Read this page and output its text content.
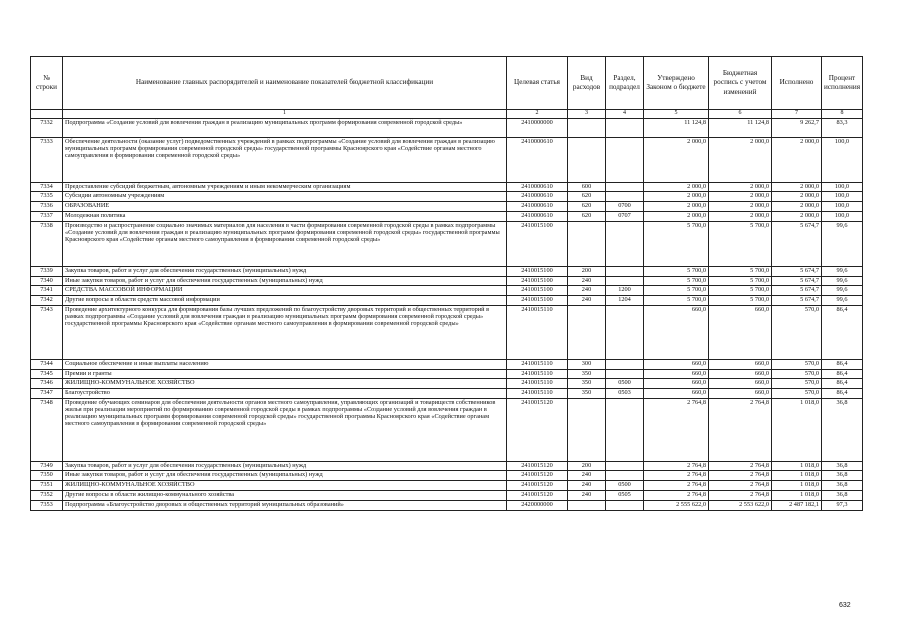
№ строки	Наименование главных распорядителей и наименование показателей бюджетной классификации	Целевая статья	Вид расходов	Раздел, подраздел	Утверждено Законом о бюджете	Бюджетная роспись с учетом изменений	Исполнено	Процент исполнения
	1	2	3	4	5	6	7	8
7332	Подпрограмма «Создание условий для вовлечения граждан в реализацию муниципальных программ формирования современной городской среды»	2410000000			11 124,8	11 124,8	9 262,7	83,3
7333	Обеспечение деятельности (оказание услуг) подведомственных учреждений в рамках подпрограммы «Создание условий для вовлечения граждан в реализацию муниципальных программ формирования современной городской среды» государственной программы Красноярского края «Содействие органам местного самоуправления в формировании современной городской среды»	2410000610			2 000,0	2 000,0	2 000,0	100,0
7334	Предоставление субсидий бюджетным, автономным учреждениям и иным некоммерческим организациям	2410000610	600		2 000,0	2 000,0	2 000,0	100,0
7335	Субсидии автономным учреждениям	2410000610	620		2 000,0	2 000,0	2 000,0	100,0
7336	ОБРАЗОВАНИЕ	2410000610	620	0700	2 000,0	2 000,0	2 000,0	100,0
7337	Молодежная политика	2410000610	620	0707	2 000,0	2 000,0	2 000,0	100,0
7338	Производство и распространение социально значимых материалов для населения в части формирования современной городской среды в рамках подпрограммы «Создание условий для вовлечения граждан в реализацию муниципальных программ формирования современной городской среды» государственной программы Красноярского края «Содействие органам местного самоуправления в формировании современной городской среды»	2410015100			5 700,0	5 700,0	5 674,7	99,6
7339	Закупка товаров, работ и услуг для обеспечения государственных (муниципальных) нужд	2410015100	200		5 700,0	5 700,0	5 674,7	99,6
7340	Иные закупки товаров, работ и услуг для обеспечения государственных (муниципальных) нужд	2410015100	240		5 700,0	5 700,0	5 674,7	99,6
7341	СРЕДСТВА МАССОВОЙ ИНФОРМАЦИИ	2410015100	240	1200	5 700,0	5 700,0	5 674,7	99,6
7342	Другие вопросы в области средств массовой информации	2410015100	240	1204	5 700,0	5 700,0	5 674,7	99,6
7343	Проведение архитектурного конкурса для формирования базы лучших предложений по благоустройству дворовых территорий и общественных территорий в рамках подпрограммы «Создание условий для вовлечения граждан в реализацию муниципальных программ формирования современной городской среды» государственной программы Красноярского края «Содействие органам местного самоуправления в формировании современной городской среды»	2410015110			660,0	660,0	570,0	86,4
7344	Социальное обеспечение и иные выплаты населению	2410015110	300		660,0	660,0	570,0	86,4
7345	Премии и гранты	2410015110	350		660,0	660,0	570,0	86,4
7346	ЖИЛИЩНО-КОММУНАЛЬНОЕ ХОЗЯЙСТВО	2410015110	350	0500	660,0	660,0	570,0	86,4
7347	Благоустройство	2410015110	350	0503	660,0	660,0	570,0	86,4
7348	Проведение обучающих семинаров для обеспечения деятельности органов местного самоуправления, управляющих организаций и товариществ собственников жилья при реализации мероприятий по формированию современной городской среды в рамках подпрограммы «Создание условий для вовлечения граждан в реализацию муниципальных программ формирования современной городской среды» государственной программы Красноярского края «Содействие органам местного самоуправления в формировании современной городской среды»	2410015120			2 764,8	2 764,8	1 018,0	36,8
7349	Закупка товаров, работ и услуг для обеспечения государственных (муниципальных) нужд	2410015120	200		2 764,8	2 764,8	1 018,0	36,8
7350	Иные закупки товаров, работ и услуг для обеспечения государственных (муниципальных) нужд	2410015120	240		2 764,8	2 764,8	1 018,0	36,8
7351	ЖИЛИЩНО-КОММУНАЛЬНОЕ ХОЗЯЙСТВО	2410015120	240	0500	2 764,8	2 764,8	1 018,0	36,8
7352	Другие вопросы в области жилищно-коммунального хозяйства	2410015120	240	0505	2 764,8	2 764,8	1 018,0	36,8
7353	Подпрограмма «Благоустройство дворовых и общественных территорий муниципальных образований»	2420000000			2 555 622,0	2 553 622,0	2 487 182,1	97,3
632
